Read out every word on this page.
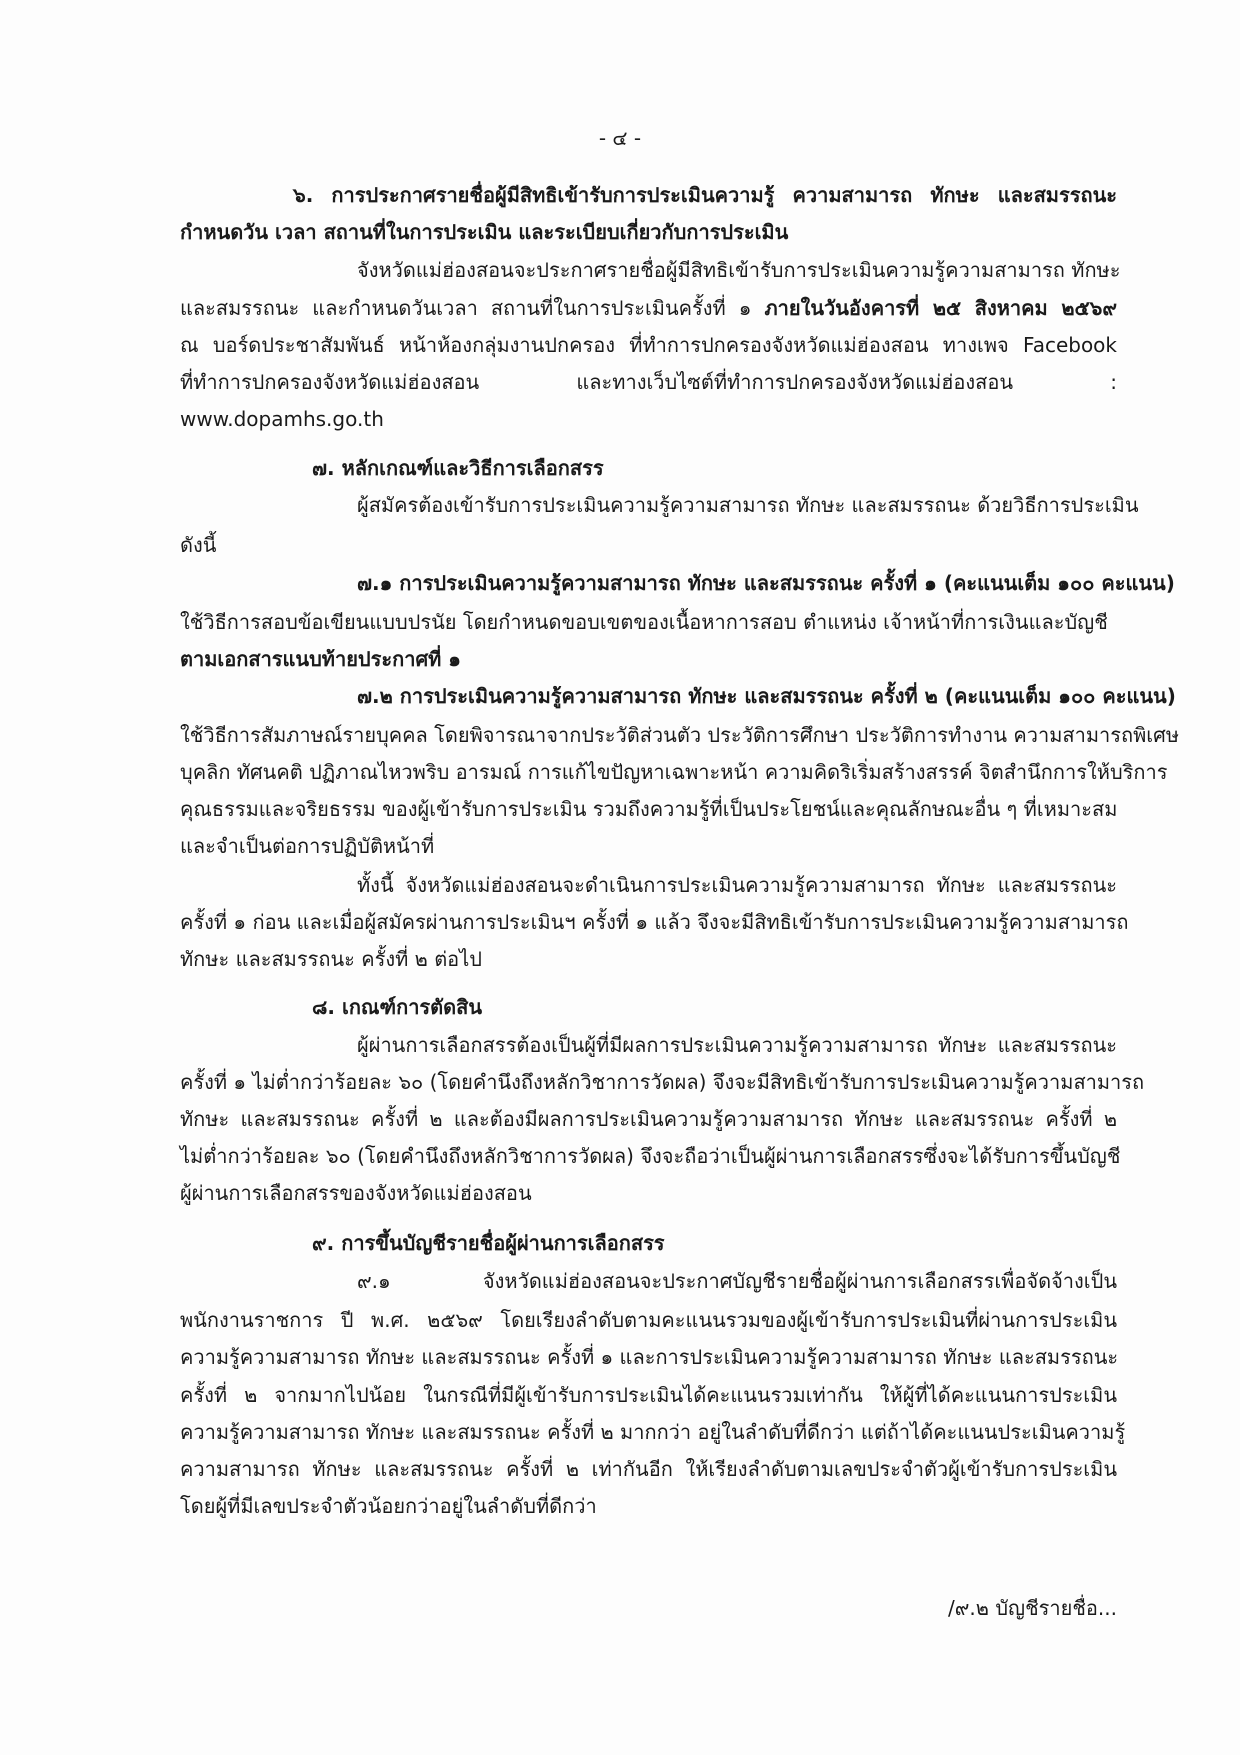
- ๔ -

๖. การประกาศรายชื่อผู้มีสิทธิเข้ารับการประเมินความรู้ ความสามารถ ทักษะ และสมรรถนะ

กำหนดวัน เวลา สถานที่ในการประเมิน และระเบียบเกี่ยวกับการประเมิน

จังหวัดแม่ฮ่องสอนจะประกาศรายชื่อผู้มีสิทธิเข้ารับการประเมินความรู้ความสามารถ ทักษะ

และสมรรถนะ และกำหนดวันเวลา สถานที่ในการประเมินครั้งที่ ๑ ภายในวันอังคารที่ ๒๕ สิงหาคม ๒๕๖๙

ณ บอร์ดประชาสัมพันธ์ หน้าห้องกลุ่มงานปกครอง ที่ทำการปกครองจังหวัดแม่ฮ่องสอน ทางเพจ Facebook

ที่ทำการปกครองจังหวัดแม่ฮ่องสอน และทางเว็บไซต์ที่ทำการปกครองจังหวัดแม่ฮ่องสอน :

www.dopamhs.go.th

๗. หลักเกณฑ์และวิธีการเลือกสรร

ผู้สมัครต้องเข้ารับการประเมินความรู้ความสามารถ ทักษะ และสมรรถนะ ด้วยวิธีการประเมิน

ดังนี้

๗.๑ การประเมินความรู้ความสามารถ ทักษะ และสมรรถนะ ครั้งที่ ๑ (คะแนนเต็ม ๑๐๐ คะแนน)

ใช้วิธีการสอบข้อเขียนแบบปรนัย โดยกำหนดขอบเขตของเนื้อหาการสอบ ตำแหน่ง เจ้าหน้าที่การเงินและบัญชี

ตามเอกสารแนบท้ายประกาศที่ ๑

๗.๒ การประเมินความรู้ความสามารถ ทักษะ และสมรรถนะ ครั้งที่ ๒ (คะแนนเต็ม ๑๐๐ คะแนน)

ใช้วิธีการสัมภาษณ์รายบุคคล โดยพิจารณาจากประวัติส่วนตัว ประวัติการศึกษา ประวัติการทำงาน ความสามารถพิเศษ

บุคลิก ทัศนคติ ปฏิภาณไหวพริบ อารมณ์ การแก้ไขปัญหาเฉพาะหน้า ความคิดริเริ่มสร้างสรรค์ จิตสำนึกการให้บริการ

คุณธรรมและจริยธรรม ของผู้เข้ารับการประเมิน รวมถึงความรู้ที่เป็นประโยชน์และคุณลักษณะอื่น ๆ ที่เหมาะสม

และจำเป็นต่อการปฏิบัติหน้าที่

ทั้งนี้ จังหวัดแม่ฮ่องสอนจะดำเนินการประเมินความรู้ความสามารถ ทักษะ และสมรรถนะ

ครั้งที่ ๑ ก่อน และเมื่อผู้สมัครผ่านการประเมินฯ ครั้งที่ ๑ แล้ว จึงจะมีสิทธิเข้ารับการประเมินความรู้ความสามารถ

ทักษะ และสมรรถนะ ครั้งที่ ๒ ต่อไป

๘. เกณฑ์การตัดสิน

ผู้ผ่านการเลือกสรรต้องเป็นผู้ที่มีผลการประเมินความรู้ความสามารถ ทักษะ และสมรรถนะ

ครั้งที่ ๑ ไม่ต่ำกว่าร้อยละ ๖๐ (โดยคำนึงถึงหลักวิชาการวัดผล) จึงจะมีสิทธิเข้ารับการประเมินความรู้ความสามารถ

ทักษะ และสมรรถนะ ครั้งที่ ๒ และต้องมีผลการประเมินความรู้ความสามารถ ทักษะ และสมรรถนะ ครั้งที่ ๒

ไม่ต่ำกว่าร้อยละ ๖๐ (โดยคำนึงถึงหลักวิชาการวัดผล) จึงจะถือว่าเป็นผู้ผ่านการเลือกสรรซึ่งจะได้รับการขึ้นบัญชี

ผู้ผ่านการเลือกสรรของจังหวัดแม่ฮ่องสอน

๙. การขึ้นบัญชีรายชื่อผู้ผ่านการเลือกสรร

๙.๑ จังหวัดแม่ฮ่องสอนจะประกาศบัญชีรายชื่อผู้ผ่านการเลือกสรรเพื่อจัดจ้างเป็น

พนักงานราชการ ปี พ.ศ. ๒๕๖๙ โดยเรียงลำดับตามคะแนนรวมของผู้เข้ารับการประเมินที่ผ่านการประเมิน

ความรู้ความสามารถ ทักษะ และสมรรถนะ ครั้งที่ ๑ และการประเมินความรู้ความสามารถ ทักษะ และสมรรถนะ

ครั้งที่ ๒ จากมากไปน้อย ในกรณีที่มีผู้เข้ารับการประเมินได้คะแนนรวมเท่ากัน ให้ผู้ที่ได้คะแนนการประเมิน

ความรู้ความสามารถ ทักษะ และสมรรถนะ ครั้งที่ ๒ มากกว่า อยู่ในลำดับที่ดีกว่า แต่ถ้าได้คะแนนประเมินความรู้

ความสามารถ ทักษะ และสมรรถนะ ครั้งที่ ๒ เท่ากันอีก ให้เรียงลำดับตามเลขประจำตัวผู้เข้ารับการประเมิน

โดยผู้ที่มีเลขประจำตัวน้อยกว่าอยู่ในลำดับที่ดีกว่า

/๙.๒ บัญชีรายชื่อ...
